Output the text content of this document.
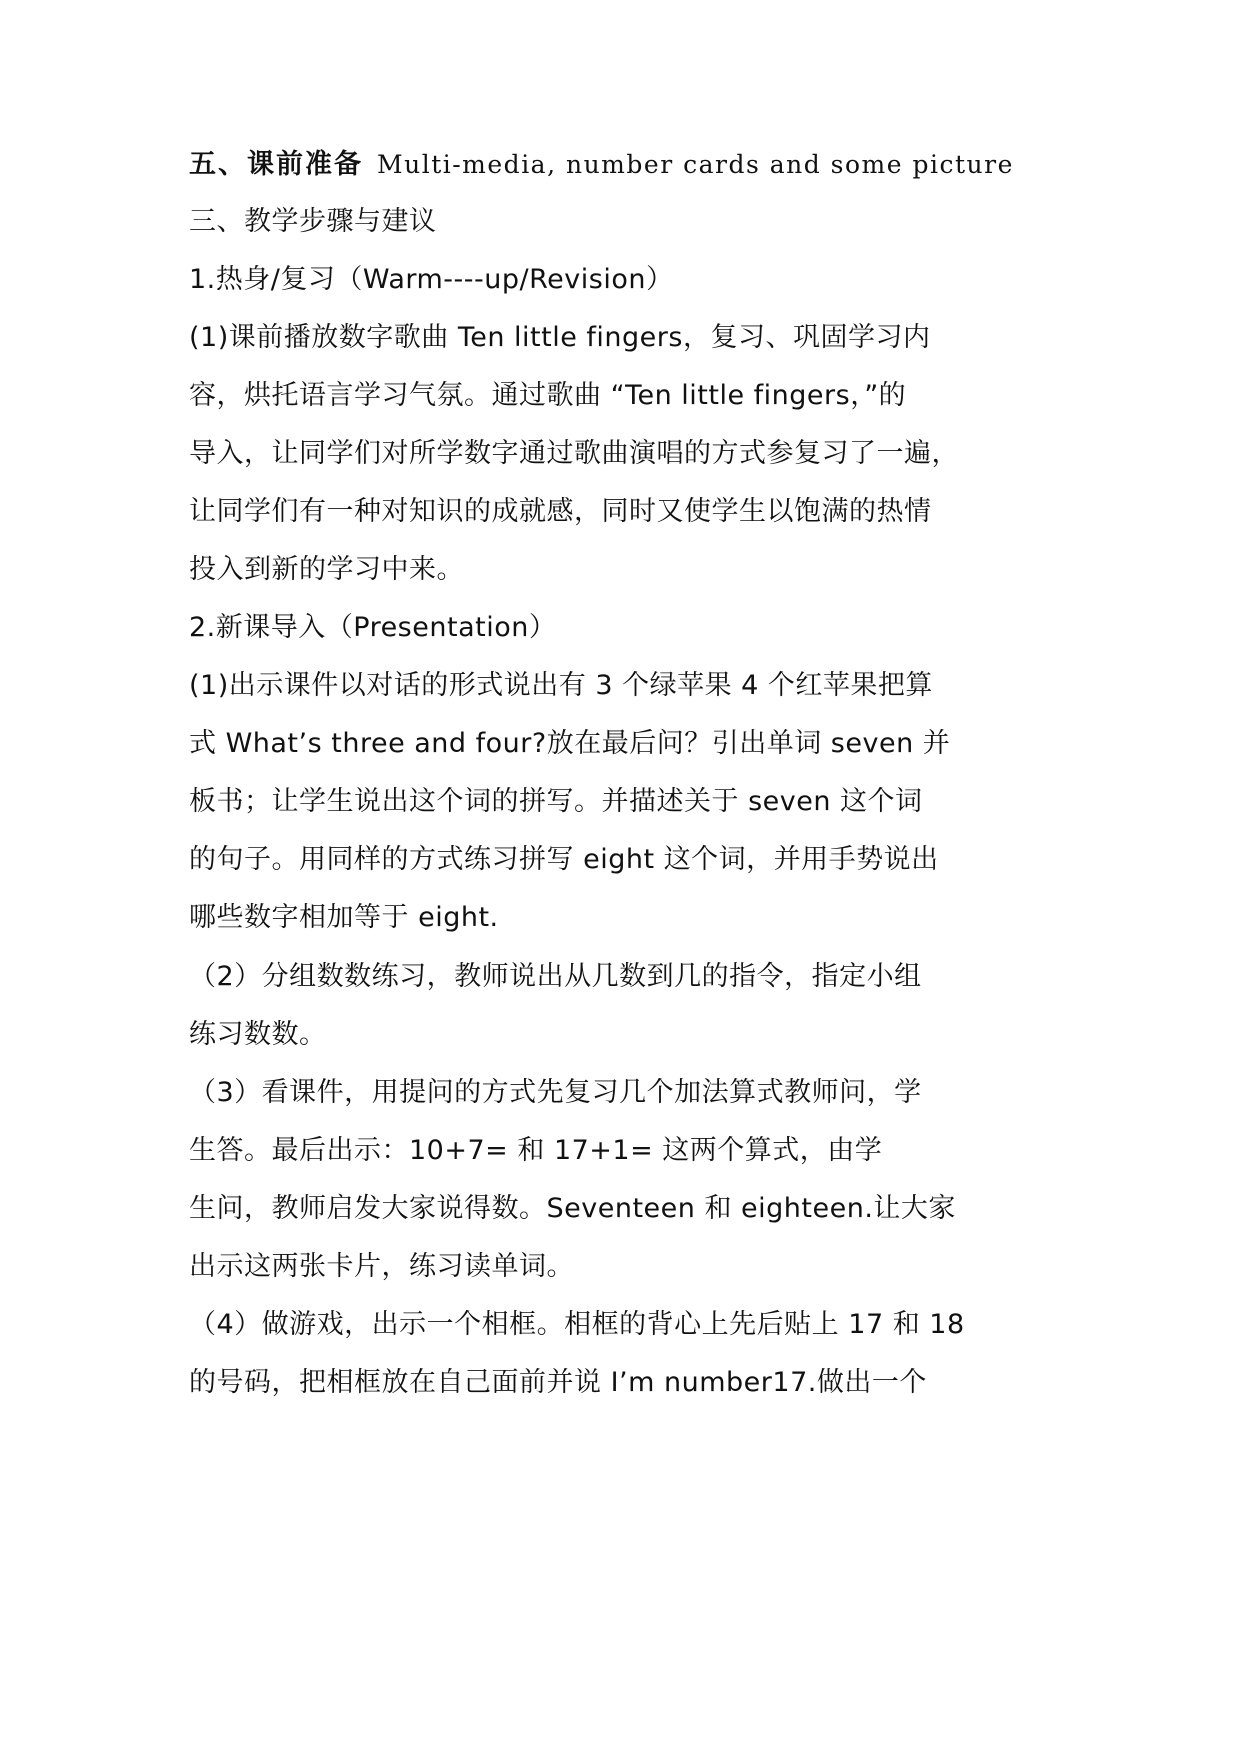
五、课前准备 Multi-media, number cards and some picture
三、教学步骤与建议
1.热身/复习（Warm----up/Revision）
(1)课前播放数字歌曲 Ten little fingers，复习、巩固学习内
容，烘托语言学习气氛。通过歌曲 “Ten little fingers，”的
导入，让同学们对所学数字通过歌曲演唱的方式参复习了一遍，
让同学们有一种对知识的成就感，同时又使学生以饱满的热情
投入到新的学习中来。
2.新课导入（Presentation）
(1)出示课件以对话的形式说出有 3 个绿苹果 4 个红苹果把算
式 What’s three and four?放在最后问？引出单词 seven 并
板书；让学生说出这个词的拼写。并描述关于 seven 这个词
的句子。用同样的方式练习拼写 eight 这个词，并用手势说出
哪些数字相加等于 eight.
（2）分组数数练习，教师说出从几数到几的指令，指定小组
练习数数。
（3）看课件，用提问的方式先复习几个加法算式教师问，学
生答。最后出示：10+7= 和 17+1= 这两个算式，由学
生问，教师启发大家说得数。Seventeen 和 eighteen.让大家
出示这两张卡片，练习读单词。
（4）做游戏，出示一个相框。相框的背心上先后贴上 17 和 18
的号码，把相框放在自己面前并说 I’m number17.做出一个
